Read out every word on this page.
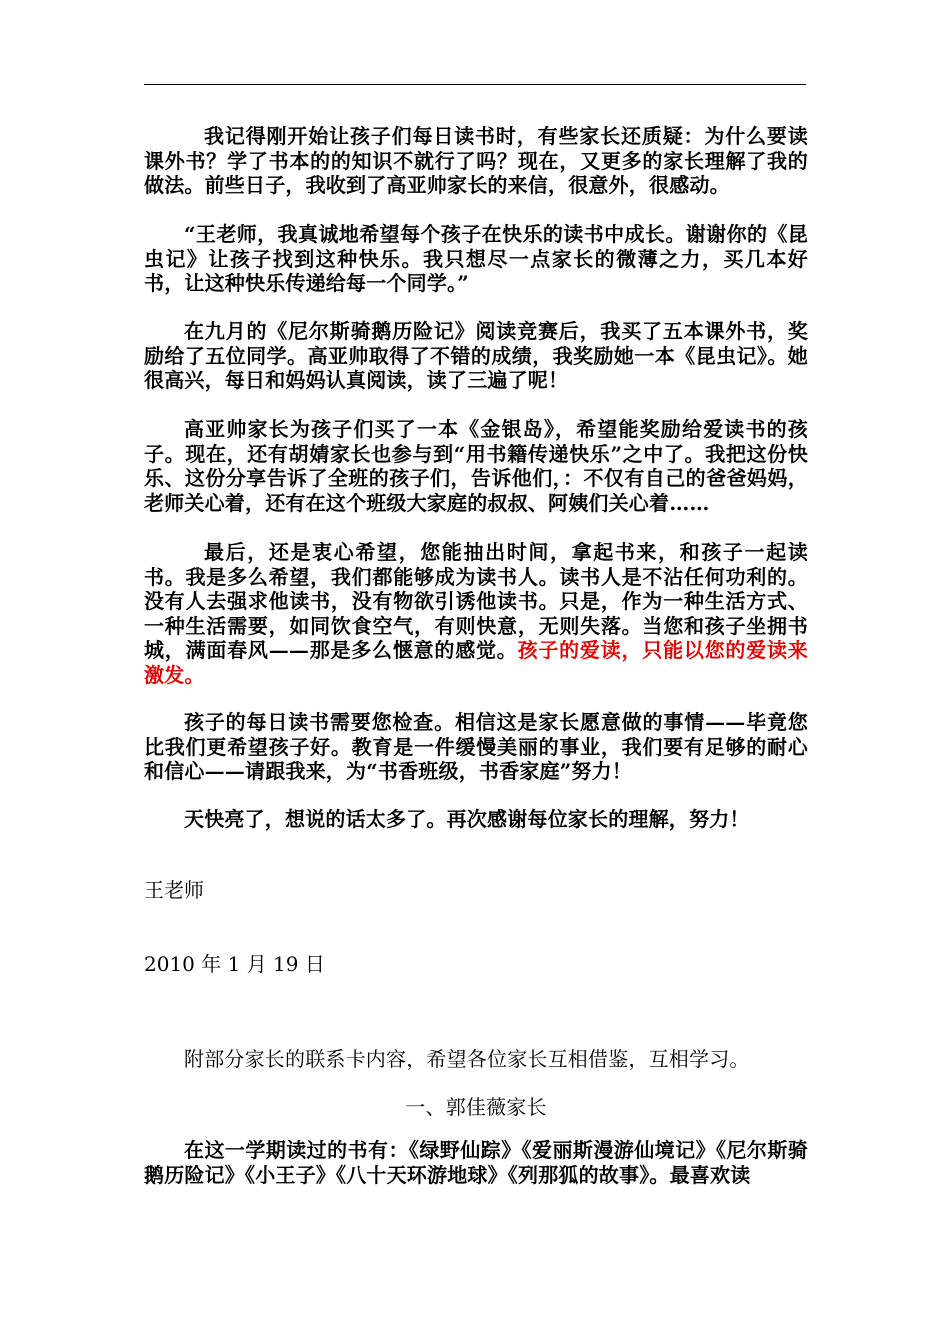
我记得刚开始让孩子们每日读书时，有些家长还质疑：为什么要读课外书？学了书本的的知识不就行了吗？现在，又更多的家长理解了我的做法。前些日子，我收到了高亚帅家长的来信，很意外，很感动。

“王老师，我真诚地希望每个孩子在快乐的读书中成长。谢谢你的《昆虫记》让孩子找到这种快乐。我只想尽一点家长的微薄之力，买几本好书，让这种快乐传递给每一个同学。”

在九月的《尼尔斯骑鹅历险记》阅读竞赛后，我买了五本课外书，奖励给了五位同学。高亚帅取得了不错的成绩，我奖励她一本《昆虫记》。她很高兴，每日和妈妈认真阅读，读了三遍了呢！

高亚帅家长为孩子们买了一本《金银岛》，希望能奖励给爱读书的孩子。现在，还有胡婧家长也参与到“用书籍传递快乐”之中了。我把这份快乐、这份分享告诉了全班的孩子们，告诉他们，：不仅有自己的爸爸妈妈，老师关心着，还有在这个班级大家庭的叔叔、阿姨们关心着……

最后，还是衷心希望，您能抽出时间，拿起书来，和孩子一起读书。我是多么希望，我们都能够成为读书人。读书人是不沾任何功利的。没有人去强求他读书，没有物欲引诱他读书。只是，作为一种生活方式、一种生活需要，如同饮食空气，有则快意，无则失落。当您和孩子坐拥书城，满面春风——那是多么惬意的感觉。孩子的爱读，只能以您的爱读来激发。

孩子的每日读书需要您检查。相信这是家长愿意做的事情——毕竟您比我们更希望孩子好。教育是一件缓慢美丽的事业，我们要有足够的耐心和信心——请跟我来，为“书香班级，书香家庭”努力！

天快亮了，想说的话太多了。再次感谢每位家长的理解，努力！

王老师

2010 年 1 月 19 日

附部分家长的联系卡内容，希望各位家长互相借鉴，互相学习。

一、郭佳薇家长

在这一学期读过的书有：《绿野仙踪》《爱丽斯漫游仙境记》《尼尔斯骑鹅历险记》《小王子》《八十天环游地球》《列那狐的故事》。最喜欢读
